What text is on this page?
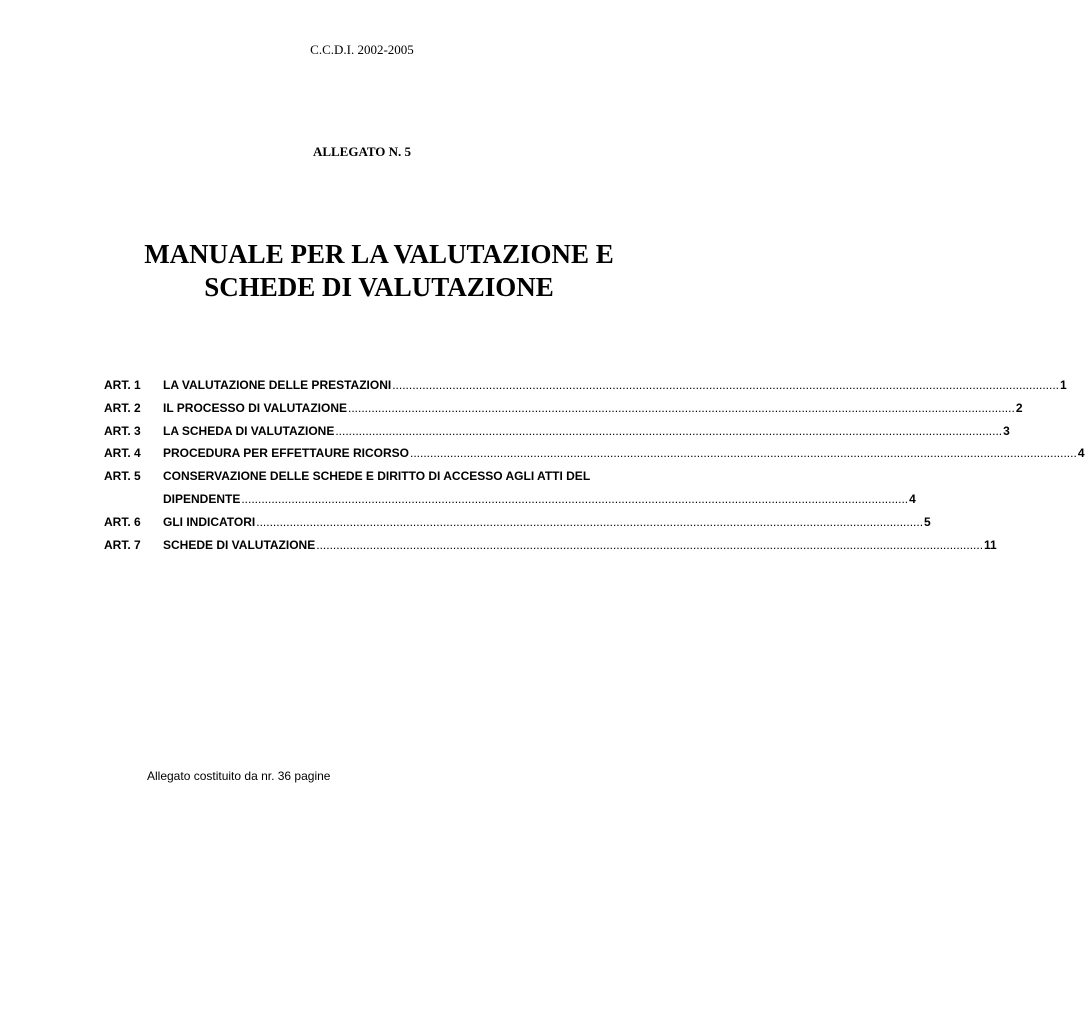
C.C.D.I. 2002-2005
ALLEGATO N. 5
MANUALE PER LA VALUTAZIONE E
SCHEDE DI VALUTAZIONE
ART. 1	LA VALUTAZIONE DELLE PRESTAZIONI ........................................................................................................................................................................................................ 1
ART. 2	IL PROCESSO DI VALUTAZIONE ........................................................................................................................................................................................................ 2
ART. 3	LA SCHEDA DI VALUTAZIONE ........................................................................................................................................................................................................ 3
ART. 4	PROCEDURA PER EFFETTAURE RICORSO ........................................................................................................................................................................................................ 4
ART. 5	CONSERVAZIONE DELLE SCHEDE E DIRITTO DI ACCESSO AGLI ATTI DEL
DIPENDENTE ........................................................................................................................................................................................................ 4
ART. 6	GLI INDICATORI ........................................................................................................................................................................................................ 5
ART. 7	SCHEDE DI VALUTAZIONE ........................................................................................................................................................................................................ 11
Allegato costituito da nr. 36 pagine
